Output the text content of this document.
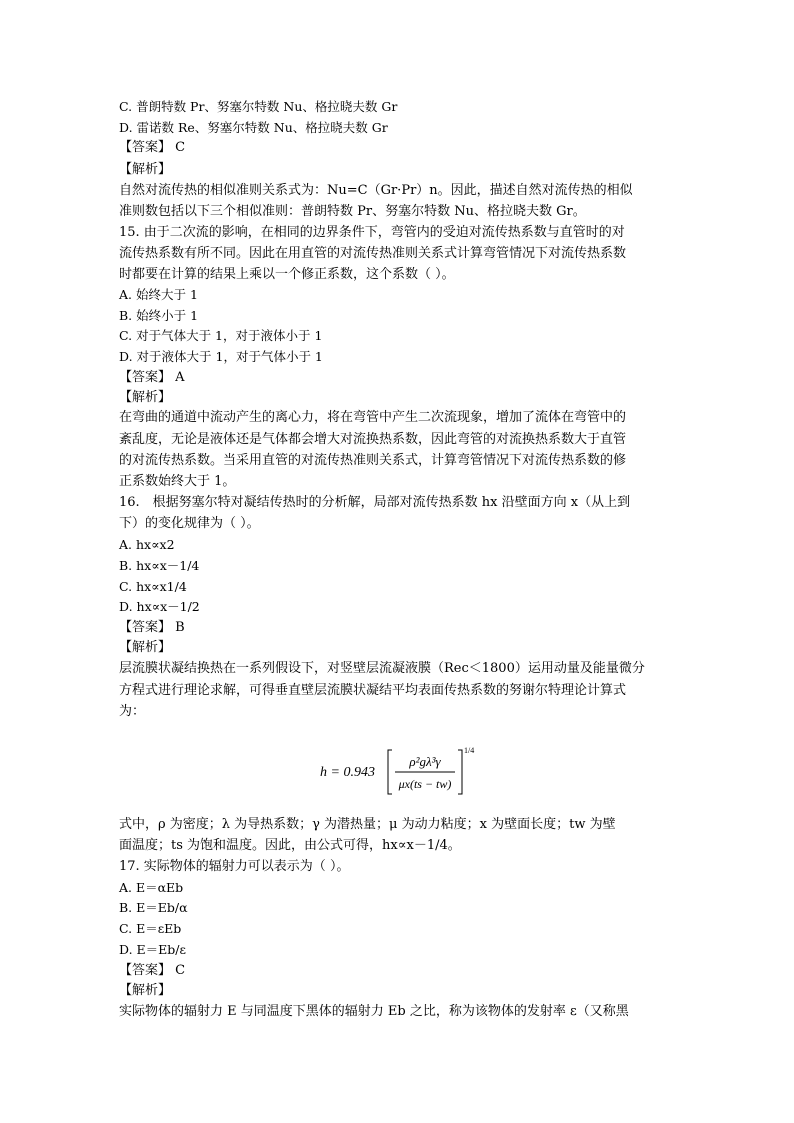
C. 普朗特数 Pr、努塞尔特数 Nu、格拉晓夫数 Gr
D. 雷诺数 Re、努塞尔特数 Nu、格拉晓夫数 Gr
【答案】 C
【解析】
自然对流传热的相似准则关系式为：Nu=C（Gr·Pr）n。因此，描述自然对流传热的相似
准则数包括以下三个相似准则：普朗特数 Pr、努塞尔特数 Nu、格拉晓夫数 Gr。
15. 由于二次流的影响，在相同的边界条件下，弯管内的受迫对流传热系数与直管时的对
流传热系数有所不同。因此在用直管的对流传热准则关系式计算弯管情况下对流传热系数
时都要在计算的结果上乘以一个修正系数，这个系数（ ）。
A. 始终大于 1
B. 始终小于 1
C. 对于气体大于 1，对于液体小于 1
D. 对于液体大于 1，对于气体小于 1
【答案】 A
【解析】
在弯曲的通道中流动产生的离心力，将在弯管中产生二次流现象，增加了流体在弯管中的
紊乱度，无论是液体还是气体都会增大对流换热系数，因此弯管的对流换热系数大于直管
的对流传热系数。当采用直管的对流传热准则关系式，计算弯管情况下对流传热系数的修
正系数始终大于 1。
16.　根据努塞尔特对凝结传热时的分析解，局部对流传热系数 hx 沿壁面方向 x（从上到
下）的变化规律为（ ）。
A. hx∝x2
B. hx∝x－1/4
C. hx∝x1/4
D. hx∝x－1/2
【答案】 B
【解析】
层流膜状凝结换热在一系列假设下，对竖壁层流凝液膜（Rec＜1800）运用动量及能量微分
方程式进行理论求解，可得垂直壁层流膜状凝结平均表面传热系数的努谢尔特理论计算式
为：
h = 0.943
ρ²gλ³γ
μx(ts − tw)
1/4
式中，ρ 为密度；λ 为导热系数；γ 为潜热量；μ 为动力粘度；x 为壁面长度；tw 为壁
面温度；ts 为饱和温度。因此，由公式可得，hx∝x－1/4。
17. 实际物体的辐射力可以表示为（ ）。
A. E＝αEb
B. E＝Eb/α
C. E＝εEb
D. E＝Eb/ε
【答案】 C
【解析】
实际物体的辐射力 E 与同温度下黑体的辐射力 Eb 之比，称为该物体的发射率 ε（又称黑
